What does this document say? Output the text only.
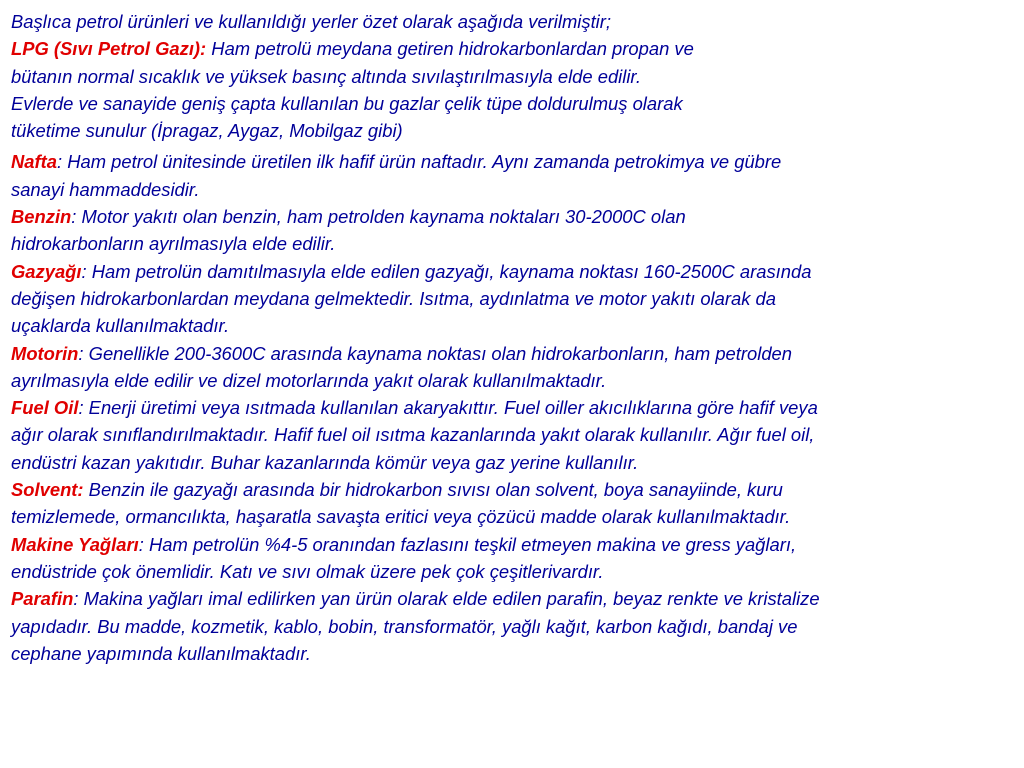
Başlıca petrol ürünleri ve kullanıldığı yerler özet olarak aşağıda verilmiştir;
LPG (Sıvı Petrol Gazı): Ham petrolü meydana getiren hidrokarbonlardan propan ve
bütanın normal sıcaklık ve yüksek basınç altında sıvılaştırılmasıyla elde edilir.
Evlerde ve sanayide geniş çapta kullanılan bu gazlar çelik tüpe doldurulmuş olarak
tüketime sunulur (İpragaz, Aygaz, Mobilgaz gibi)
Nafta: Ham petrol ünitesinde üretilen ilk hafif ürün naftadır. Aynı zamanda petrokimya ve gübre
sanayi hammaddesidir.
Benzin: Motor yakıtı olan benzin, ham petrolden kaynama noktaları 30-2000C olan
hidrokarbonların ayrılmasıyla elde edilir.
Gazyağı: Ham petrolün damıtılmasıyla elde edilen gazyağı, kaynama noktası 160-2500C arasında
değişen hidrokarbonlardan meydana gelmektedir. Isıtma, aydınlatma ve motor yakıtı olarak da
uçaklarda kullanılmaktadır.
Motorin: Genellikle 200-3600C arasında kaynama noktası olan hidrokarbonların, ham petrolden
ayrılmasıyla elde edilir ve dizel motorlarında yakıt olarak kullanılmaktadır.
Fuel Oil: Enerji üretimi veya ısıtmada kullanılan akaryakıttır. Fuel oiller akıcılıklarına göre hafif veya
ağır olarak sınıflandırılmaktadır. Hafif fuel oil ısıtma kazanlarında yakıt olarak kullanılır. Ağır fuel oil,
endüstri kazan yakıtıdır. Buhar kazanlarında kömür veya gaz yerine kullanılır.
Solvent: Benzin ile gazyağı arasında bir hidrokarbon sıvısı olan solvent, boya sanayiinde, kuru
temizlemede, ormancılıkta, haşaratla savaşta eritici veya çözücü madde olarak kullanılmaktadır.
Makine Yağları: Ham petrolün %4-5 oranından fazlasını teşkil etmeyen makina ve gress yağları,
endüstride çok önemlidir. Katı ve sıvı olmak üzere pek çok çeşitlerivardır.
Parafin: Makina yağları imal edilirken yan ürün olarak elde edilen parafin, beyaz renkte ve kristalize
yapıdadır. Bu madde, kozmetik, kablo, bobin, transformatör, yağlı kağıt, karbon kağıdı, bandaj ve
cephane yapımında kullanılmaktadır.
